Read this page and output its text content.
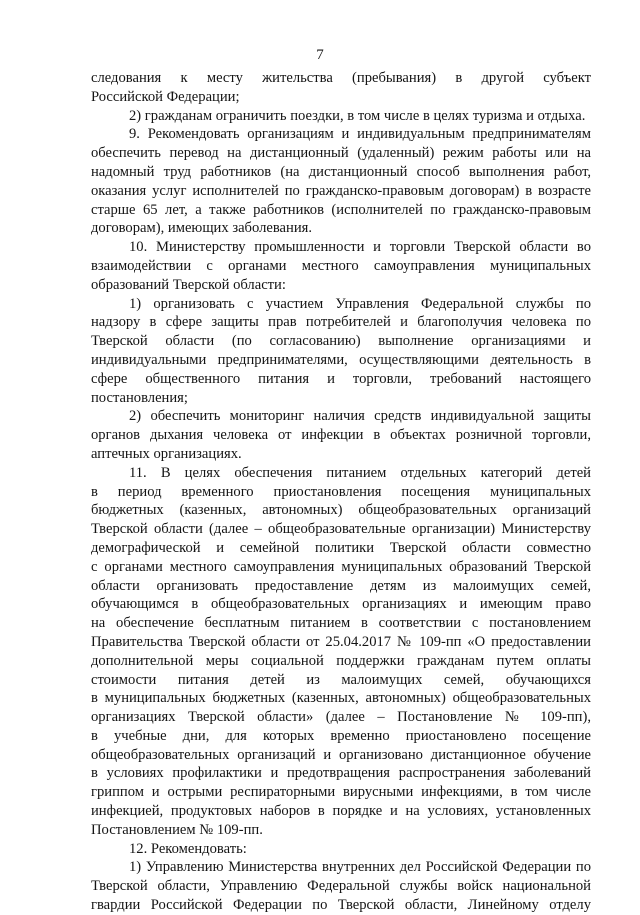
7

следования к месту жительства (пребывания) в другой субъект

Российской Федерации;

2) гражданам ограничить поездки, в том числе в целях туризма и отдыха.

9. Рекомендовать организациям и индивидуальным предпринимателям

обеспечить перевод на дистанционный (удаленный) режим работы или на

надомный труд работников (на дистанционный способ выполнения работ,

оказания услуг исполнителей по гражданско-правовым договорам) в возрасте

старше 65 лет, а также работников (исполнителей по гражданско-правовым

договорам), имеющих заболевания.

10. Министерству промышленности и торговли Тверской области во

взаимодействии с органами местного самоуправления муниципальных

образований Тверской области:

1) организовать с участием Управления Федеральной службы по

надзору в сфере защиты прав потребителей и благополучия человека по

Тверской области (по согласованию) выполнение организациями и

индивидуальными предпринимателями, осуществляющими деятельность в

сфере общественного питания и торговли, требований настоящего

постановления;

2) обеспечить мониторинг наличия средств индивидуальной защиты

органов дыхания человека от инфекции в объектах розничной торговли,

аптечных организациях.

11. В целях обеспечения питанием отдельных категорий детей

в период временного приостановления посещения муниципальных

бюджетных (казенных, автономных) общеобразовательных организаций

Тверской области (далее – общеобразовательные организации) Министерству

демографической и семейной политики Тверской области совместно

с органами местного самоуправления муниципальных образований Тверской

области организовать предоставление детям из малоимущих семей,

обучающимся в общеобразовательных организациях и имеющим право

на обеспечение бесплатным питанием в соответствии с постановлением

Правительства Тверской области от 25.04.2017 № 109-пп «О предоставлении

дополнительной меры социальной поддержки гражданам путем оплаты

стоимости питания детей из малоимущих семей, обучающихся

в муниципальных бюджетных (казенных, автономных) общеобразовательных

организациях Тверской области» (далее – Постановление № 109-пп),

в учебные дни, для которых временно приостановлено посещение

общеобразовательных организаций и организовано дистанционное обучение

в условиях профилактики и предотвращения распространения заболеваний

гриппом и острыми респираторными вирусными инфекциями, в том числе

инфекцией, продуктовых наборов в порядке и на условиях, установленных

Постановлением № 109-пп.

12. Рекомендовать:

1) Управлению Министерства внутренних дел Российской Федерации по

Тверской области, Управлению Федеральной службы войск национальной

гвардии Российской Федерации по Тверской области, Линейному отделу
